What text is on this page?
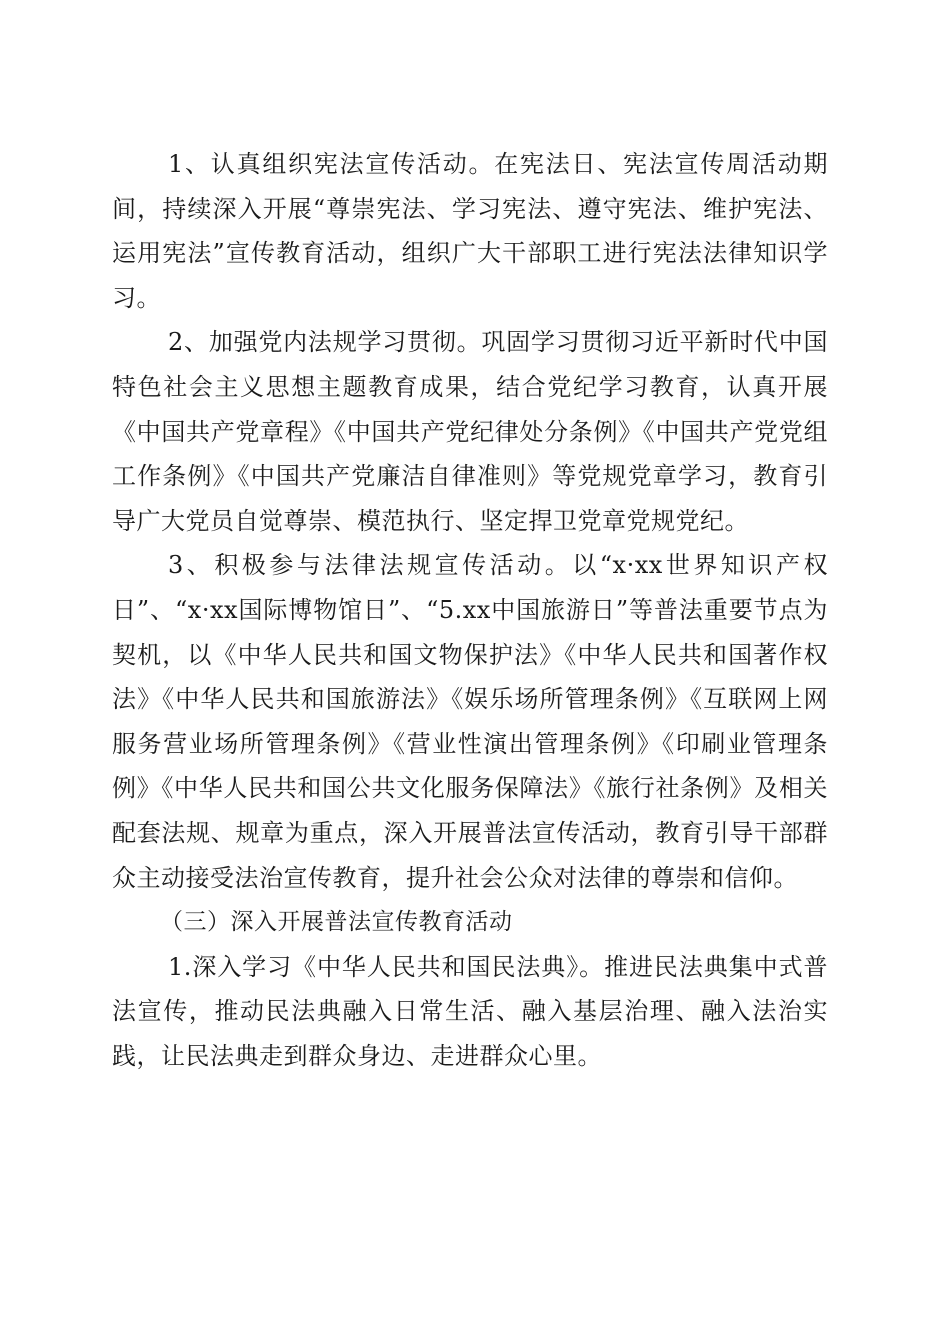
1、认真组织宪法宣传活动。在宪法日、宪法宣传周活动期间，持续深入开展“尊崇宪法、学习宪法、遵守宪法、维护宪法、运用宪法”宣传教育活动，组织广大干部职工进行宪法法律知识学习。

2、加强党内法规学习贯彻。巩固学习贯彻习近平新时代中国特色社会主义思想主题教育成果，结合党纪学习教育，认真开展《中国共产党章程》《中国共产党纪律处分条例》《中国共产党党组工作条例》《中国共产党廉洁自律准则》等党规党章学习，教育引导广大党员自觉尊崇、模范执行、坚定捍卫党章党规党纪。

3、积极参与法律法规宣传活动。以“x·xx世界知识产权日”、“x·xx国际博物馆日”、“5.xx中国旅游日”等普法重要节点为契机，以《中华人民共和国文物保护法》《中华人民共和国著作权法》《中华人民共和国旅游法》《娱乐场所管理条例》《互联网上网服务营业场所管理条例》《营业性演出管理条例》《印刷业管理条例》《中华人民共和国公共文化服务保障法》《旅行社条例》及相关配套法规、规章为重点，深入开展普法宣传活动，教育引导干部群众主动接受法治宣传教育，提升社会公众对法律的尊崇和信仰。

（三）深入开展普法宣传教育活动

1.深入学习《中华人民共和国民法典》。推进民法典集中式普法宣传，推动民法典融入日常生活、融入基层治理、融入法治实践，让民法典走到群众身边、走进群众心里。
